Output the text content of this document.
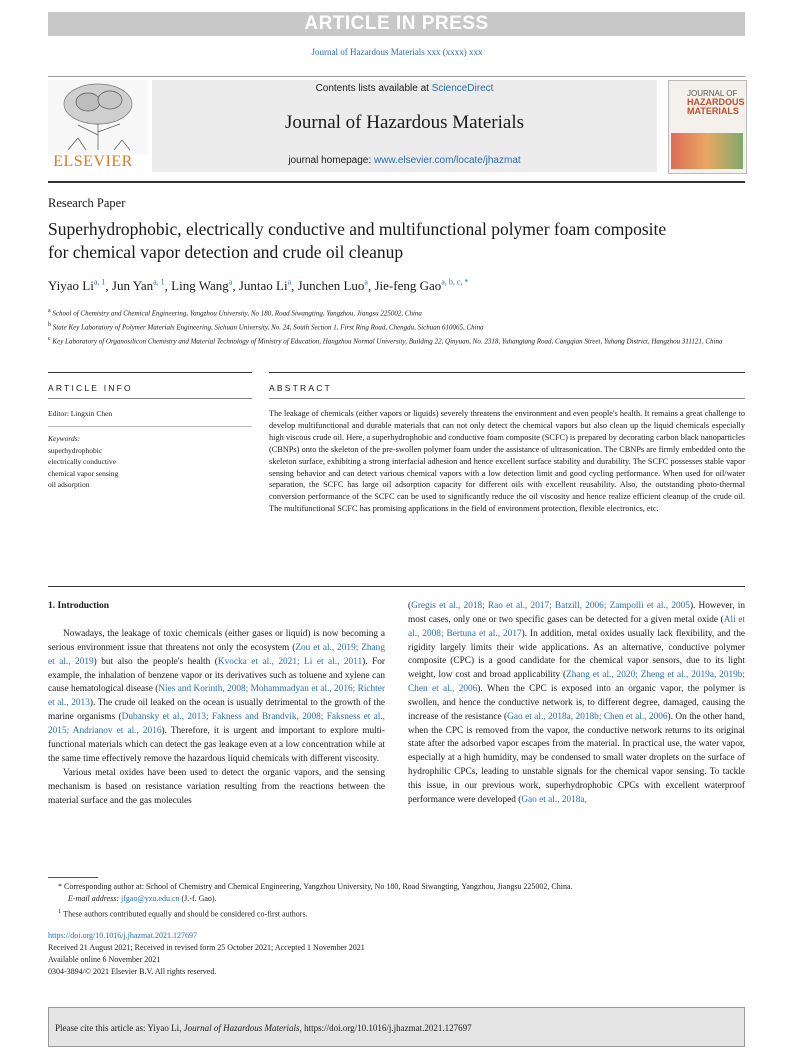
ARTICLE IN PRESS
Journal of Hazardous Materials xxx (xxxx) xxx
ELSEVIER
Contents lists available at ScienceDirect
Journal of Hazardous Materials
journal homepage: www.elsevier.com/locate/jhazmat
JOURNAL OF
HAZARDOUS
MATERIALS
Research Paper
Superhydrophobic, electrically conductive and multifunctional polymer foam composite for chemical vapor detection and crude oil cleanup
Yiyao Li$^{a, 1}$, Jun Yan$^{a, 1}$, Ling Wang$^a$, Juntao Li$^a$, Junchen Luo$^a$, Jie-feng Gao$^{a, b, c, *}$
$^a$ School of Chemistry and Chemical Engineering, Yangzhou University, No 180, Road Siwangting, Yangzhou, Jiangsu 225002, China
$^b$ State Key Laboratory of Polymer Materials Engineering, Sichuan University, No. 24, South Section 1, First Ring Road, Chengdu, Sichuan 610065, China
$^c$ Key Laboratory of Organosilicon Chemistry and Material Technology of Ministry of Education, Hangzhou Normal University, Building 22, Qinyuan, No. 2318, Yuhangtang Road, Cangqian Street, Yuhang District, Hangzhou 311121, China
ARTICLE INFO	ABSTRACT
Editor: Lingxin Chen
Keywords:
superhydrophobic
electrically conductive
chemical vapor sensing
oil adsorption
The leakage of chemicals (either vapors or liquids) severely threatens the environment and even people's health. It remains a great challenge to develop multifunctional and durable materials that can not only detect the chemical vapors but also clean up the liquid chemicals especially high viscous crude oil. Here, a superhydrophobic and conductive foam composite (SCFC) is prepared by decorating carbon black nanoparticles (CBNPs) onto the skeleton of the pre-swollen polymer foam under the assistance of ultrasonication. The CBNPs are firmly embedded onto the skeleton surface, exhibiting a strong interfacial adhesion and hence excellent surface stability and durability. The SCFC possesses stable vapor sensing behavior and can detect various chemical vapors with a low detection limit and good cycling performance. When used for oil/water separation, the SCFC has large oil adsorption capacity for different oils with excellent reusability. Also, the outstanding photo-thermal conversion performance of the SCFC can be used to significantly reduce the oil viscosity and hence realize efficient cleanup of the crude oil. The multifunctional SCFC has promising applications in the field of environment protection, flexible electronics, etc.
1. Introduction

Nowadays, the leakage of toxic chemicals (either gases or liquid) is now becoming a serious environment issue that threatens not only the ecosystem (Zou et al., 2019; Zhang et al., 2019) but also the people's health (Kvocka et al., 2021; Li et al., 2011). For example, the inhalation of benzene vapor or its derivatives such as toluene and xylene can cause hematological disease (Nies and Korinth, 2008; Mohammadyan et al., 2016; Richter et al., 2013). The crude oil leaked on the ocean is usually detrimental to the growth of the marine organisms (Dubansky et al., 2013; Fakness and Brandvik, 2008; Faksness et al., 2015; Andrianov et al., 2016). Therefore, it is urgent and important to explore multi-functional materials which can detect the gas leakage even at a low concentration while at the same time effectively remove the hazardous liquid chemicals with different viscosity.

Various metal oxides have been used to detect the organic vapors, and the sensing mechanism is based on resistance variation resulting from the reactions between the material surface and the gas molecules

(Gregis et al., 2018; Rao et al., 2017; Batzill, 2006; Zampolli et al., 2005). However, in most cases, only one or two specific gases can be detected for a given metal oxide (Ali et al., 2008; Bertuna et al., 2017). In addition, metal oxides usually lack flexibility, and the rigidity largely limits their wide applications. As an alternative, conductive polymer composite (CPC) is a good candidate for the chemical vapor sensors, due to its light weight, low cost and broad applicability (Zhang et al., 2020; Zheng et al., 2019a, 2019b; Chen et al., 2006). When the CPC is exposed into an organic vapor, the polymer is swollen, and hence the conductive network is, to different degree, damaged, causing the increase of the resistance (Gao et al., 2018a, 2018b; Chen et al., 2006). On the other hand, when the CPC is removed from the vapor, the conductive network returns to its original state after the adsorbed vapor escapes from the material. In practical use, the water vapor, especially at a high humidity, may be condensed to small water droplets on the surface of hydrophilic CPCs, leading to unstable signals for the chemical vapor sensing. To tackle this issue, in our previous work, superhydrophobic CPCs with excellent waterproof performance were developed (Gao et al., 2018a,

* Corresponding author at: School of Chemistry and Chemical Engineering, Yangzhou University, No 180, Road Siwangting, Yangzhou, Jiangsu 225002, China.
E-mail address: jfgao@yzu.edu.cn (J.-f. Gao).
$^1$ These authors contributed equally and should be considered co-first authors.
https://doi.org/10.1016/j.jhazmat.2021.127697
Received 21 August 2021; Received in revised form 25 October 2021; Accepted 1 November 2021
Available online 6 November 2021
0304-3894/© 2021 Elsevier B.V. All rights reserved.
Please cite this article as: Yiyao Li, Journal of Hazardous Materials, https://doi.org/10.1016/j.jhazmat.2021.127697
